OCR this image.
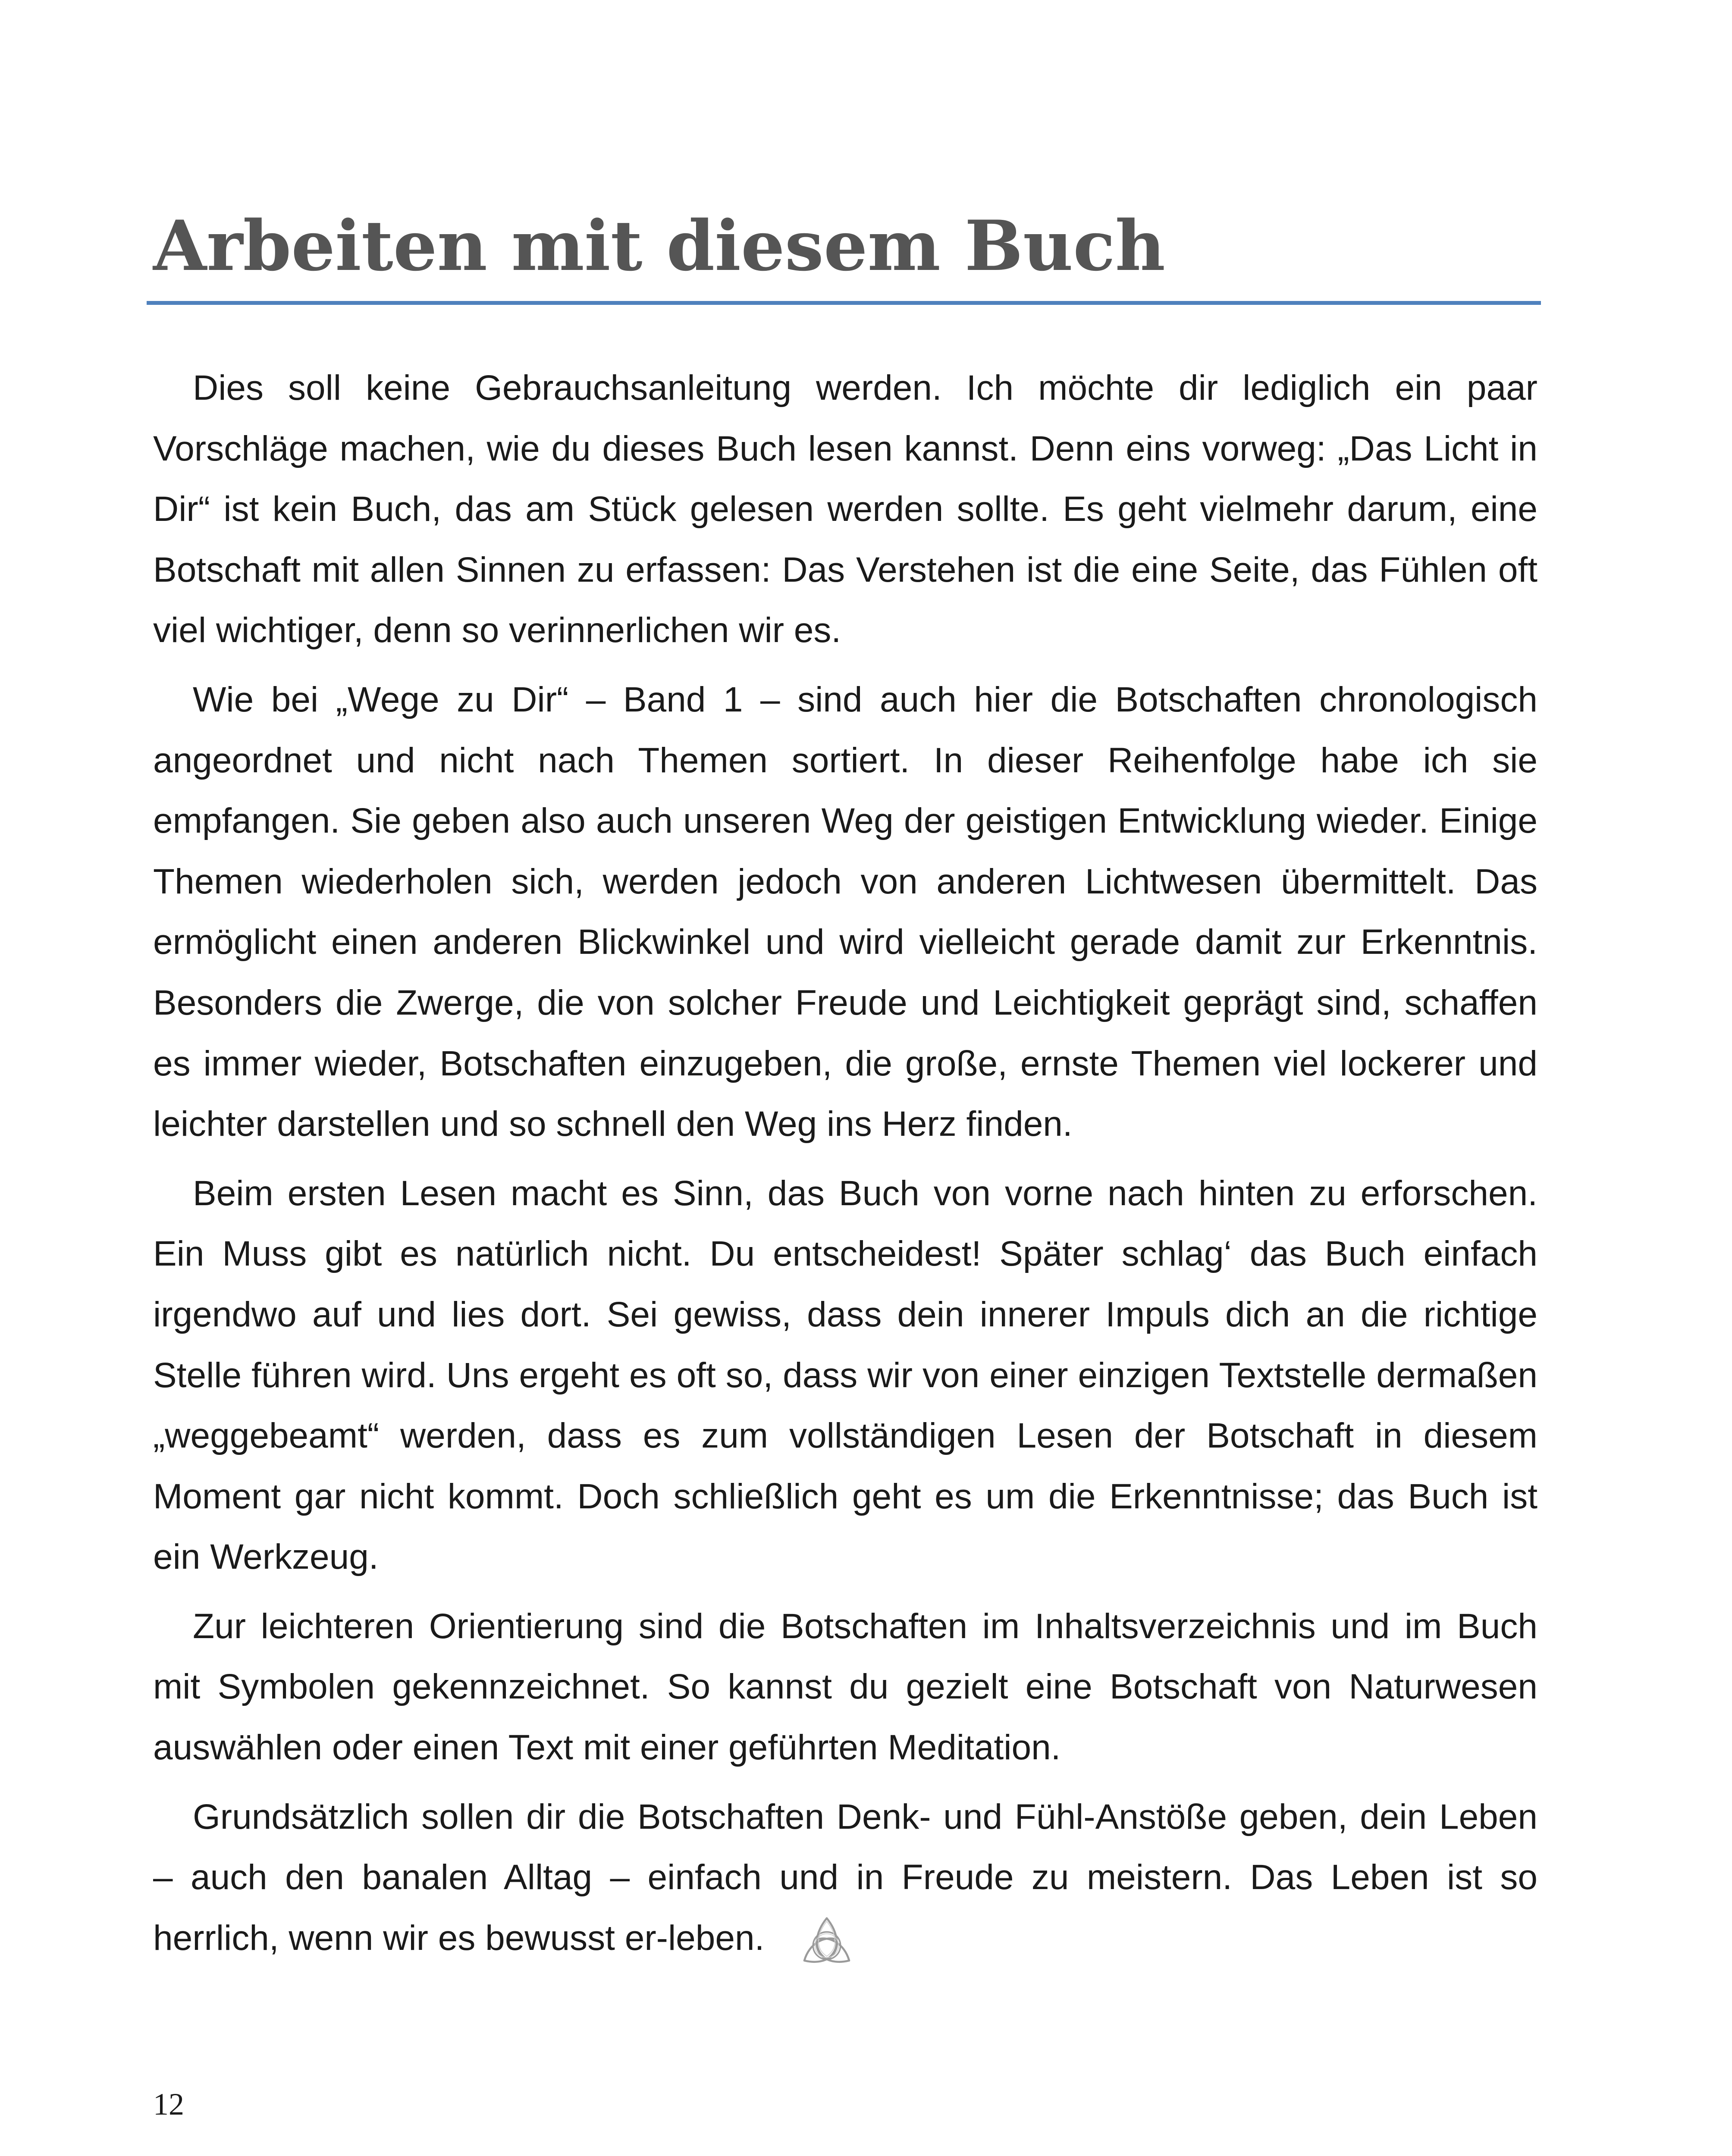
Arbeiten mit diesem Buch

Dies soll keine Gebrauchsanleitung werden. Ich möchte dir lediglich ein paar Vorschläge machen, wie du dieses Buch lesen kannst. Denn eins vorweg: „Das Licht in Dir“ ist kein Buch, das am Stück gelesen werden sollte. Es geht vielmehr darum, eine Botschaft mit allen Sinnen zu erfassen: Das Verstehen ist die eine Seite, das Fühlen oft viel wichtiger, denn so verinnerlichen wir es.

Wie bei „Wege zu Dir“ – Band 1 – sind auch hier die Botschaften chronologisch angeordnet und nicht nach Themen sortiert. In dieser Reihenfolge habe ich sie empfangen. Sie geben also auch unseren Weg der geistigen Entwicklung wieder. Einige Themen wiederholen sich, werden jedoch von anderen Lichtwesen übermittelt. Das ermöglicht einen anderen Blickwinkel und wird vielleicht gerade damit zur Erkenntnis. Besonders die Zwerge, die von solcher Freude und Leichtigkeit geprägt sind, schaffen es immer wieder, Botschaften einzugeben, die große, ernste Themen viel lockerer und leichter darstellen und so schnell den Weg ins Herz finden.

Beim ersten Lesen macht es Sinn, das Buch von vorne nach hinten zu erforschen. Ein Muss gibt es natürlich nicht. Du entscheidest! Später schlag‘ das Buch einfach irgendwo auf und lies dort. Sei gewiss, dass dein innerer Impuls dich an die richtige Stelle führen wird. Uns ergeht es oft so, dass wir von einer einzigen Textstelle dermaßen „weggebeamt“ werden, dass es zum vollständigen Lesen der Botschaft in diesem Moment gar nicht kommt. Doch schließlich geht es um die Erkenntnisse; das Buch ist ein Werkzeug.

Zur leichteren Orientierung sind die Botschaften im Inhaltsverzeichnis und im Buch mit Symbolen gekennzeichnet. So kannst du gezielt eine Botschaft von Naturwesen auswählen oder einen Text mit einer geführten Meditation.

Grundsätzlich sollen dir die Botschaften Denk- und Fühl-Anstöße geben, dein Leben – auch den banalen Alltag – einfach und in Freude zu meistern. Das Leben ist so herrlich, wenn wir es bewusst er-leben.

12
